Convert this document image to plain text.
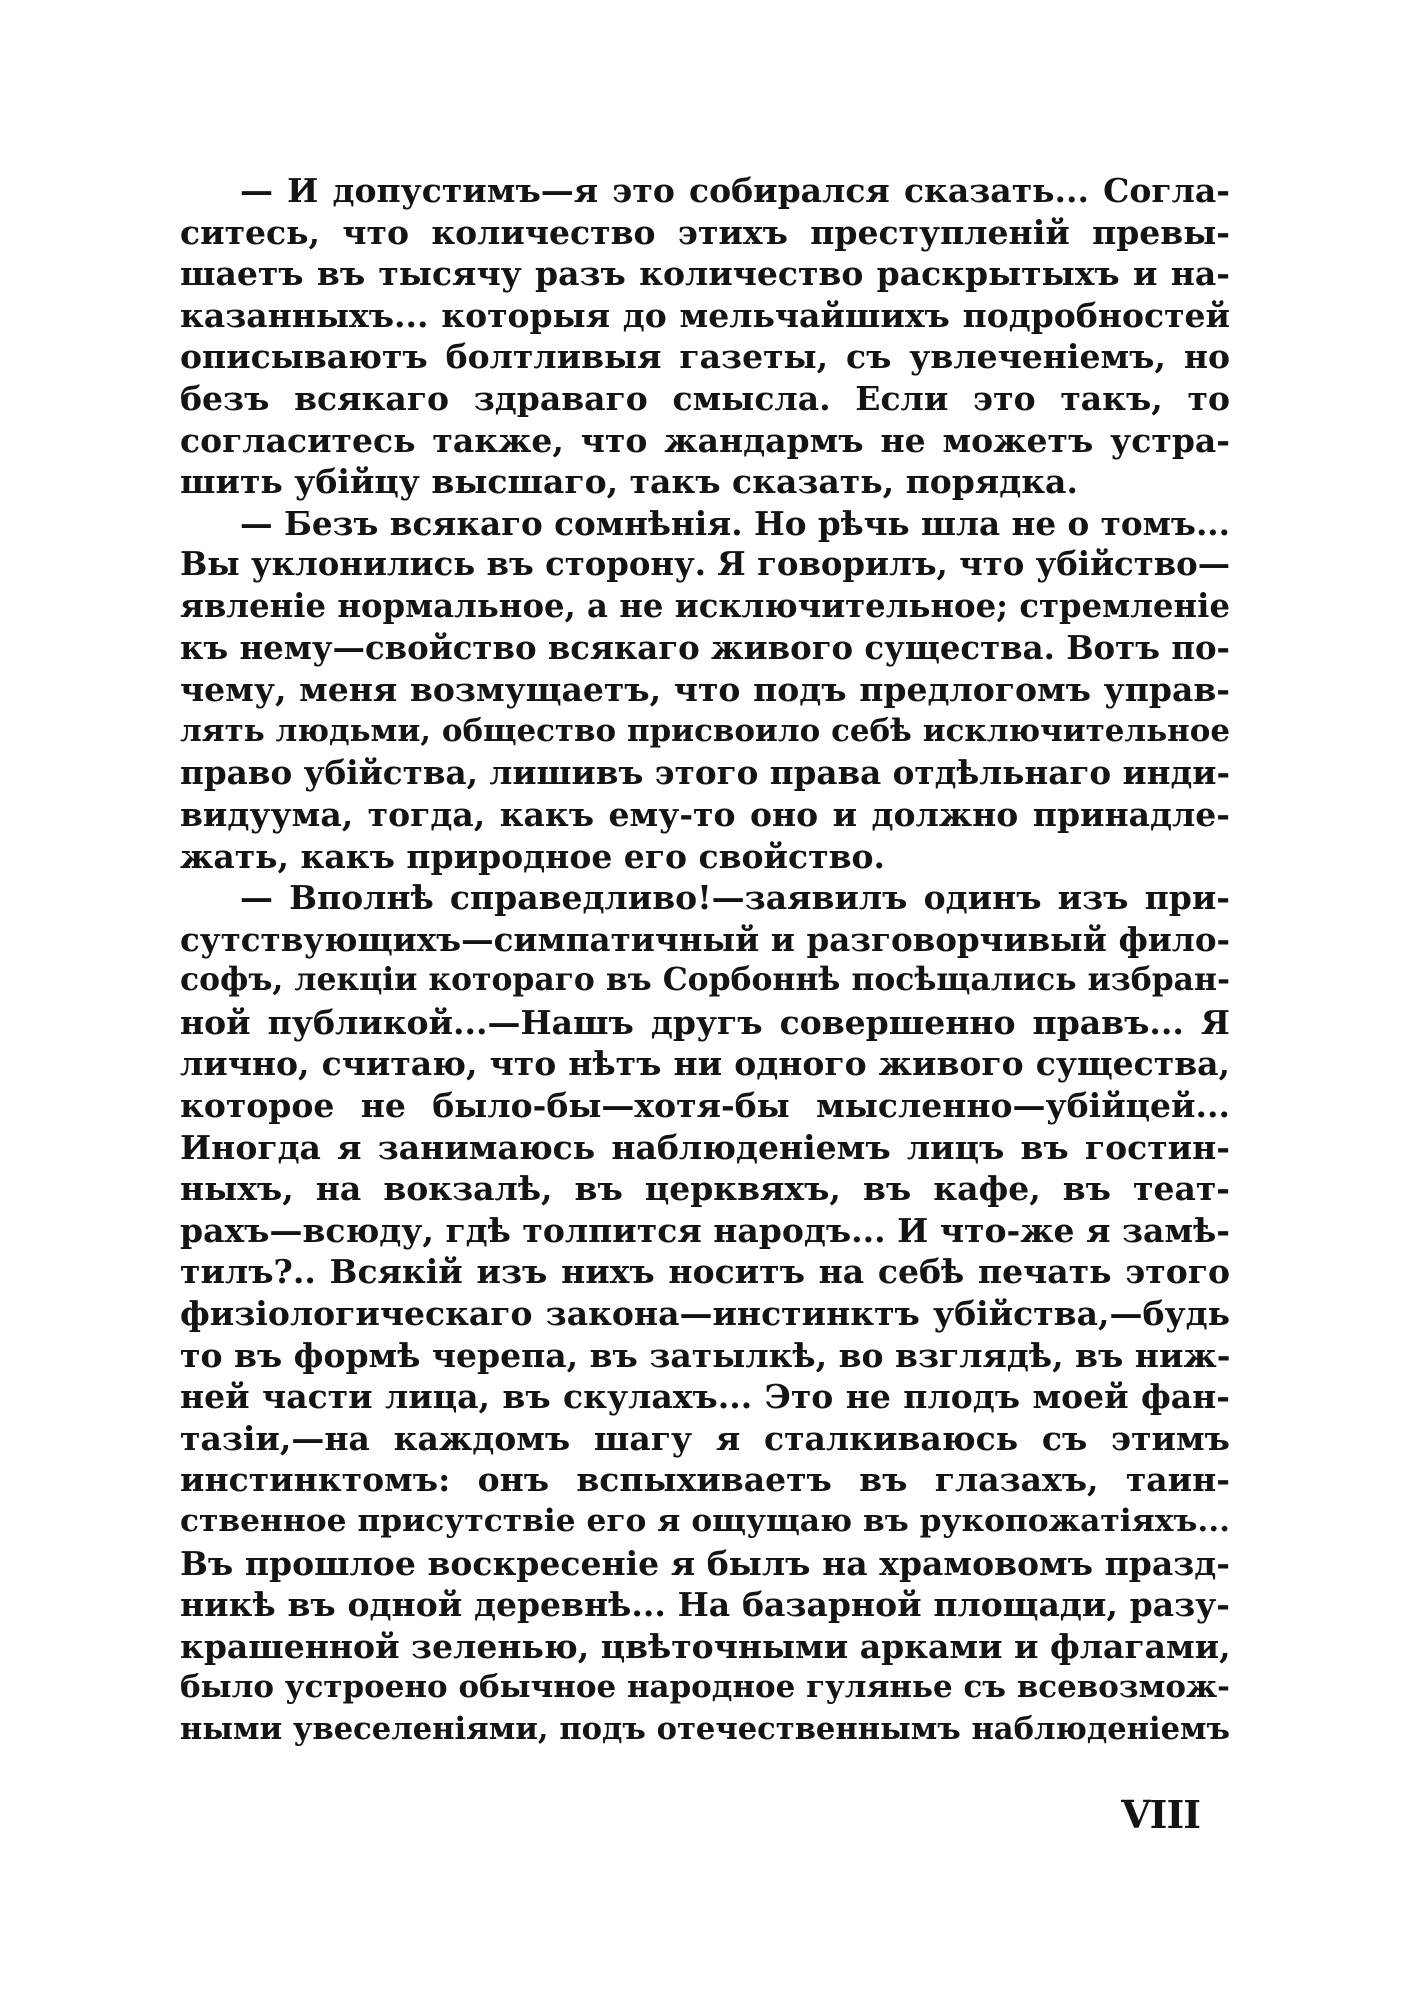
— И допустимъ—я это собирался сказать... Согла-
ситесь, что количество этихъ преступленій превы-
шаетъ въ тысячу разъ количество раскрытыхъ и на-
казанныхъ... которыя до мельчайшихъ подробностей
описываютъ болтливыя газеты, съ увлеченіемъ, но
безъ всякаго здраваго смысла. Если это такъ, то
согласитесь также, что жандармъ не можетъ устра-
шить убійцу высшаго, такъ сказать, порядка.
— Безъ всякаго сомнѣнія. Но рѣчь шла не о томъ...
Вы уклонились въ сторону. Я говорилъ, что убійство—
явленіе нормальное, а не исключительное; стремленіе
къ нему—свойство всякаго живого существа. Вотъ по-
чему, меня возмущаетъ, что подъ предлогомъ управ-
лять людьми, общество присвоило себѣ исключительное
право убійства, лишивъ этого права отдѣльнаго инди-
видуума, тогда, какъ ему-то оно и должно принадле-
жать, какъ природное его свойство.
— Вполнѣ справедливо!—заявилъ одинъ изъ при-
сутствующихъ—симпатичный и разговорчивый фило-
софъ, лекціи котораго въ Сорбоннѣ посѣщались избран-
ной публикой...—Нашъ другъ совершенно правъ... Я
лично, считаю, что нѣтъ ни одного живого существа,
которое не было-бы—хотя-бы мысленно—убійцей...
Иногда я занимаюсь наблюденіемъ лицъ въ гостин-
ныхъ, на вокзалѣ, въ церквяхъ, въ кафе, въ теат-
рахъ—всюду, гдѣ толпится народъ... И что-же я замѣ-
тилъ?.. Всякій изъ нихъ носитъ на себѣ печать этого
физіологическаго закона—инстинктъ убійства,—будь
то въ формѣ черепа, въ затылкѣ, во взглядѣ, въ ниж-
ней части лица, въ скулахъ... Это не плодъ моей фан-
тазіи,—на каждомъ шагу я сталкиваюсь съ этимъ
инстинктомъ: онъ вспыхиваетъ въ глазахъ, таин-
ственное присутствіе его я ощущаю въ рукопожатіяхъ...
Въ прошлое воскресеніе я былъ на храмовомъ празд-
никѣ въ одной деревнѣ... На базарной площади, разу-
крашенной зеленью, цвѣточными арками и флагами,
было устроено обычное народное гулянье съ всевозмож-
ными увеселеніями, подъ отечественнымъ наблюденіемъ
VIII
